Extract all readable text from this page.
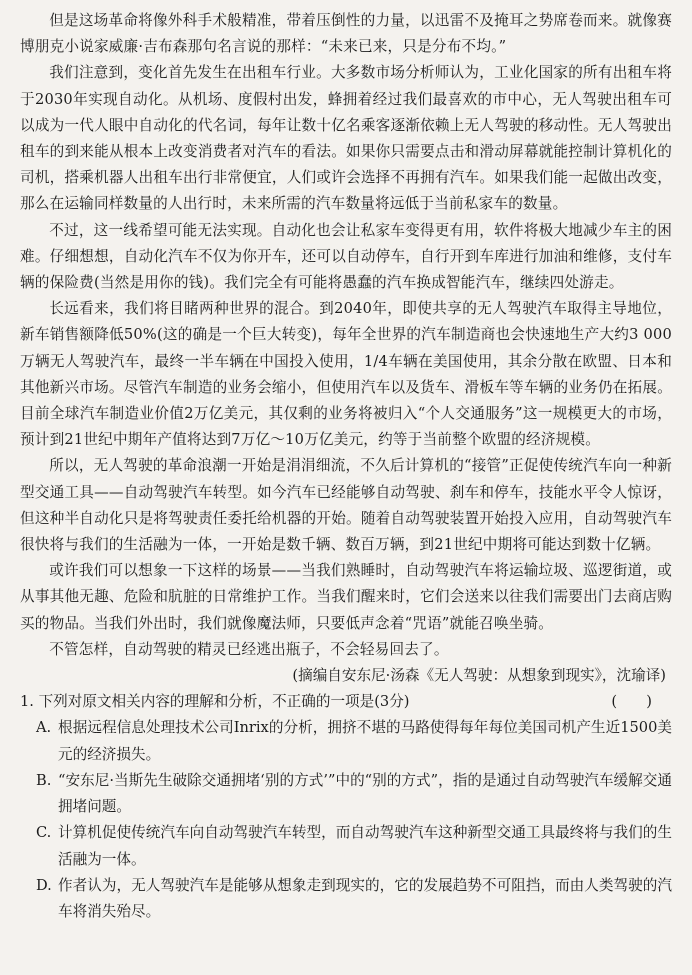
但是这场革命将像外科手术般精准，带着压倒性的力量，以迅雷不及掩耳之势席卷而来。就像赛博朋克小说家威廉·吉布森那句名言说的那样：“未来已来，只是分布不均。”

我们注意到，变化首先发生在出租车行业。大多数市场分析师认为，工业化国家的所有出租车将于2030年实现自动化。从机场、度假村出发，蜂拥着经过我们最喜欢的市中心，无人驾驶出租车可以成为一代人眼中自动化的代名词，每年让数十亿名乘客逐渐依赖上无人驾驶的移动性。无人驾驶出租车的到来能从根本上改变消费者对汽车的看法。如果你只需要点击和滑动屏幕就能控制计算机化的司机，搭乘机器人出租车出行非常便宜，人们或许会选择不再拥有汽车。如果我们能一起做出改变，那么在运输同样数量的人出行时，未来所需的汽车数量将远低于当前私家车的数量。

不过，这一线希望可能无法实现。自动化也会让私家车变得更有用，软件将极大地减少车主的困难。仔细想想，自动化汽车不仅为你开车，还可以自动停车，自行开到车库进行加油和维修，支付车辆的保险费(当然是用你的钱)。我们完全有可能将愚蠢的汽车换成智能汽车，继续四处游走。

长远看来，我们将目睹两种世界的混合。到2040年，即使共享的无人驾驶汽车取得主导地位，新车销售额降低50%(这的确是一个巨大转变)，每年全世界的汽车制造商也会快速地生产大约3 000万辆无人驾驶汽车，最终一半车辆在中国投入使用，1/4车辆在美国使用，其余分散在欧盟、日本和其他新兴市场。尽管汽车制造的业务会缩小，但使用汽车以及货车、滑板车等车辆的业务仍在拓展。目前全球汽车制造业价值2万亿美元，其仅剩的业务将被归入“个人交通服务”这一规模更大的市场，预计到21世纪中期年产值将达到7万亿～10万亿美元，约等于当前整个欧盟的经济规模。

所以，无人驾驶的革命浪潮一开始是涓涓细流，不久后计算机的“接管”正促使传统汽车向一种新型交通工具——自动驾驶汽车转型。如今汽车已经能够自动驾驶、刹车和停车，技能水平令人惊讶，但这种半自动化只是将驾驶责任委托给机器的开始。随着自动驾驶装置开始投入应用，自动驾驶汽车很快将与我们的生活融为一体，一开始是数千辆、数百万辆，到21世纪中期将可能达到数十亿辆。

或许我们可以想象一下这样的场景——当我们熟睡时，自动驾驶汽车将运输垃圾、巡逻街道，或从事其他无趣、危险和肮脏的日常维护工作。当我们醒来时，它们会送来以往我们需要出门去商店购买的物品。当我们外出时，我们就像魔法师，只要低声念着“咒语”就能召唤坐骑。

不管怎样，自动驾驶的精灵已经逃出瓶子，不会轻易回去了。

(摘编自安东尼·汤森《无人驾驶：从想象到现实》，沈瑜译)

1. 下列对原文相关内容的理解和分析，不正确的一项是(3分)	(　　)

A. 根据远程信息处理技术公司Inrix的分析，拥挤不堪的马路使得每年每位美国司机产生近1500美元的经济损失。

B. “安东尼·当斯先生破除交通拥堵‘别的方式’”中的“别的方式”，指的是通过自动驾驶汽车缓解交通拥堵问题。

C. 计算机促使传统汽车向自动驾驶汽车转型，而自动驾驶汽车这种新型交通工具最终将与我们的生活融为一体。

D. 作者认为，无人驾驶汽车是能够从想象走到现实的，它的发展趋势不可阻挡，而由人类驾驶的汽车将消失殆尽。
